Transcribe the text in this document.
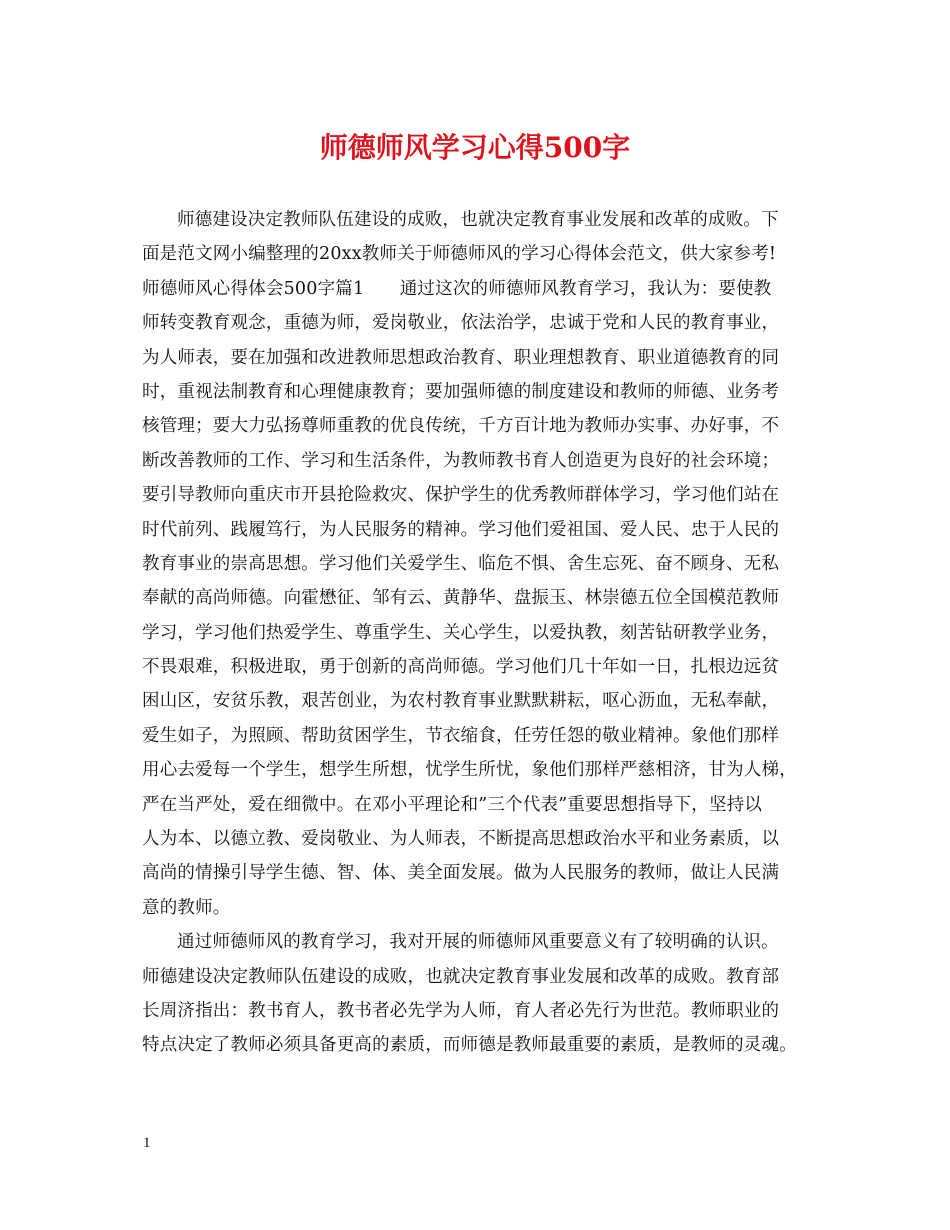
师德师风学习心得500字
师德建设决定教师队伍建设的成败，也就决定教育事业发展和改革的成败。下
面是范文网小编整理的20xx教师关于师德师风的学习心得体会范文，供大家参考!
师德师风心得体会500字篇1　　通过这次的师德师风教育学习，我认为：要使教
师转变教育观念，重德为师，爱岗敬业，依法治学，忠诚于党和人民的教育事业，
为人师表，要在加强和改进教师思想政治教育、职业理想教育、职业道德教育的同
时，重视法制教育和心理健康教育；要加强师德的制度建设和教师的师德、业务考
核管理；要大力弘扬尊师重教的优良传统，千方百计地为教师办实事、办好事，不
断改善教师的工作、学习和生活条件，为教师教书育人创造更为良好的社会环境；
要引导教师向重庆市开县抢险救灾、保护学生的优秀教师群体学习，学习他们站在
时代前列、践履笃行，为人民服务的精神。学习他们爱祖国、爱人民、忠于人民的
教育事业的崇高思想。学习他们关爱学生、临危不惧、舍生忘死、奋不顾身、无私
奉献的高尚师德。向霍懋征、邹有云、黄静华、盘振玉、林崇德五位全国模范教师
学习，学习他们热爱学生、尊重学生、关心学生，以爱执教，刻苦钻研教学业务，
不畏艰难，积极进取，勇于创新的高尚师德。学习他们几十年如一日，扎根边远贫
困山区，安贫乐教，艰苦创业，为农村教育事业默默耕耘，呕心沥血，无私奉献，
爱生如子，为照顾、帮助贫困学生，节衣缩食，任劳任怨的敬业精神。象他们那样
用心去爱每一个学生，想学生所想，忧学生所忧，象他们那样严慈相济，甘为人梯，
严在当严处，爱在细微中。在邓小平理论和”三个代表”重要思想指导下，坚持以
人为本、以德立教、爱岗敬业、为人师表，不断提高思想政治水平和业务素质，以
高尚的情操引导学生德、智、体、美全面发展。做为人民服务的教师，做让人民满
意的教师。
通过师德师风的教育学习，我对开展的师德师风重要意义有了较明确的认识。
师德建设决定教师队伍建设的成败，也就决定教育事业发展和改革的成败。教育部
长周济指出：教书育人，教书者必先学为人师，育人者必先行为世范。教师职业的
特点决定了教师必须具备更高的素质，而师德是教师最重要的素质，是教师的灵魂。
1
